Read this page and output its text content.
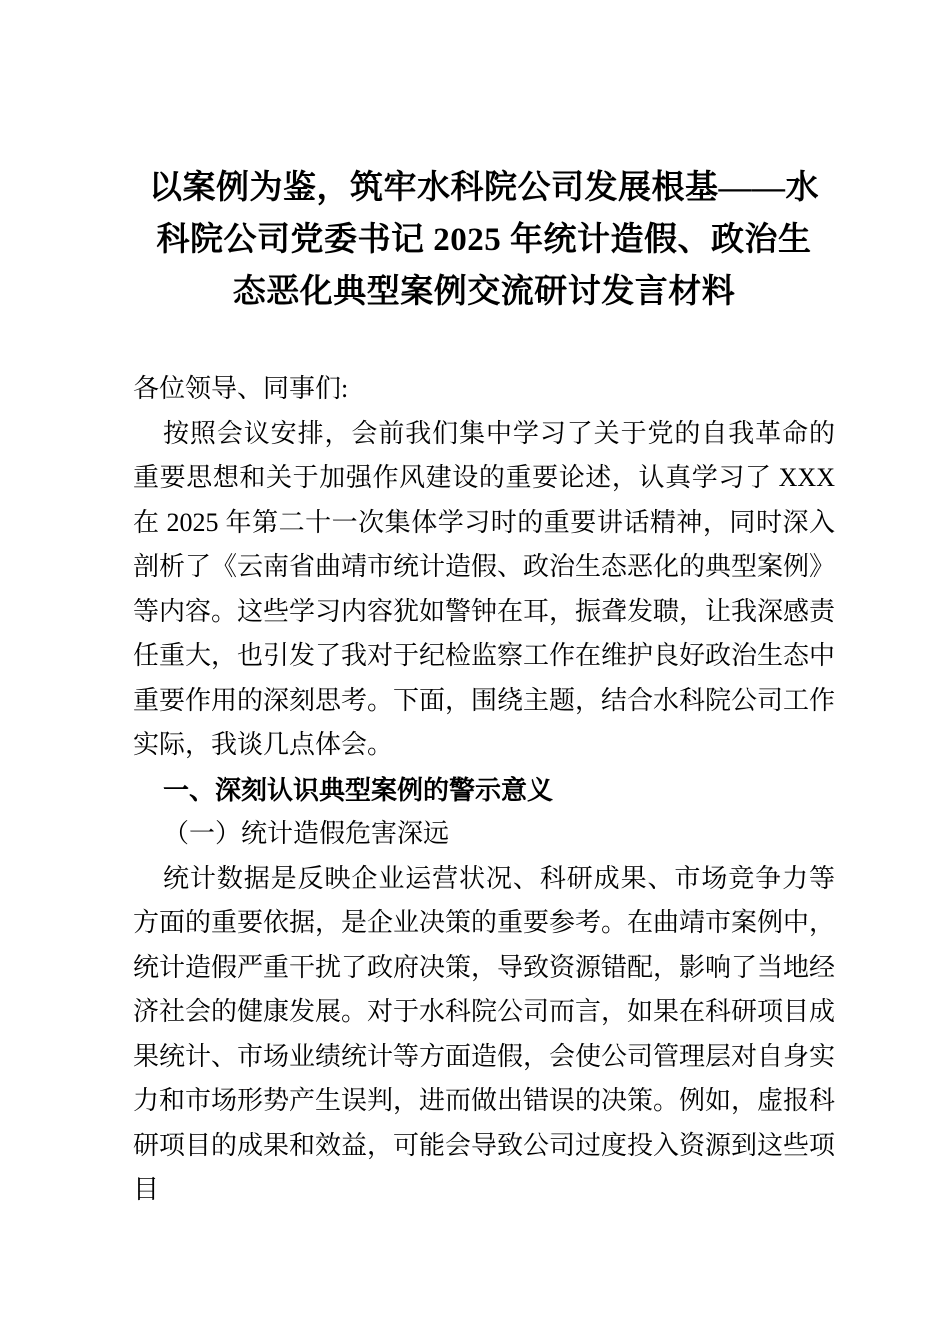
以案例为鉴，筑牢水科院公司发展根基——水
科院公司党委书记 2025 年统计造假、政治生
态恶化典型案例交流研讨发言材料

各位领导、同事们:

按照会议安排，会前我们集中学习了关于党的自我革命的重要思想和关于加强作风建设的重要论述，认真学习了 XXX 在 2025 年第二十一次集体学习时的重要讲话精神，同时深入剖析了《云南省曲靖市统计造假、政治生态恶化的典型案例》等内容。这些学习内容犹如警钟在耳，振聋发聩，让我深感责任重大，也引发了我对于纪检监察工作在维护良好政治生态中重要作用的深刻思考。下面，围绕主题，结合水科院公司工作实际，我谈几点体会。

一、深刻认识典型案例的警示意义

（一）统计造假危害深远

统计数据是反映企业运营状况、科研成果、市场竞争力等方面的重要依据，是企业决策的重要参考。在曲靖市案例中，统计造假严重干扰了政府决策，导致资源错配，影响了当地经济社会的健康发展。对于水科院公司而言，如果在科研项目成果统计、市场业绩统计等方面造假，会使公司管理层对自身实力和市场形势产生误判，进而做出错误的决策。例如，虚报科研项目的成果和效益，可能会导致公司过度投入资源到这些项目
